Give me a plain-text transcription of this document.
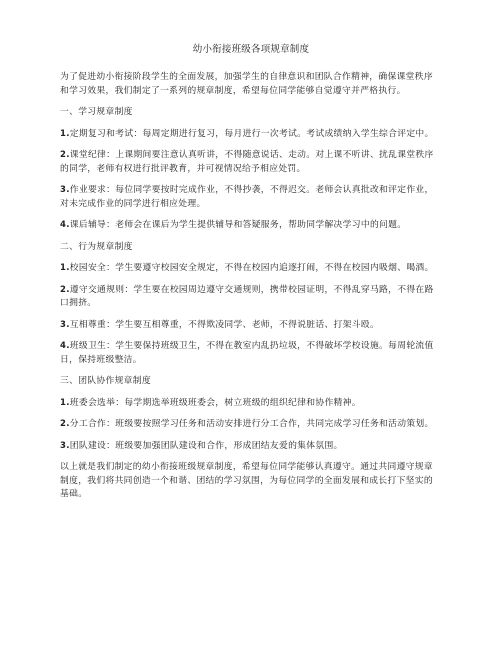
幼小衔接班级各项规章制度

为了促进幼小衔接阶段学生的全面发展，加强学生的自律意识和团队合作精神，确保课堂秩序和学习效果，我们制定了一系列的规章制度，希望每位同学能够自觉遵守并严格执行。

一、学习规章制度

1.定期复习和考试：每周定期进行复习，每月进行一次考试。考试成绩纳入学生综合评定中。

2.课堂纪律：上课期间要注意认真听讲，不得随意说话、走动。对上课不听讲、扰乱课堂秩序的同学，老师有权进行批评教育，并可视情况给予相应处罚。

3.作业要求：每位同学要按时完成作业，不得抄袭，不得迟交。老师会认真批改和评定作业，对未完成作业的同学进行相应处理。

4.课后辅导：老师会在课后为学生提供辅导和答疑服务，帮助同学解决学习中的问题。

二、行为规章制度

1.校园安全：学生要遵守校园安全规定，不得在校园内追逐打闹，不得在校园内吸烟、喝酒。

2.遵守交通规则：学生要在校园周边遵守交通规则，携带校园证明，不得乱穿马路，不得在路口拥挤。

3.互相尊重：学生要互相尊重，不得欺凌同学、老师，不得说脏话、打架斗殴。

4.班级卫生：学生要保持班级卫生，不得在教室内乱扔垃圾，不得破坏学校设施。每周轮流值日，保持班级整洁。

三、团队协作规章制度

1.班委会选举：每学期选举班级班委会，树立班级的组织纪律和协作精神。

2.分工合作：班级要按照学习任务和活动安排进行分工合作，共同完成学习任务和活动策划。

3.团队建设：班级要加强团队建设和合作，形成团结友爱的集体氛围。

以上就是我们制定的幼小衔接班级规章制度，希望每位同学能够认真遵守。通过共同遵守规章制度，我们将共同创造一个和谐、团结的学习氛围，为每位同学的全面发展和成长打下坚实的基础。
